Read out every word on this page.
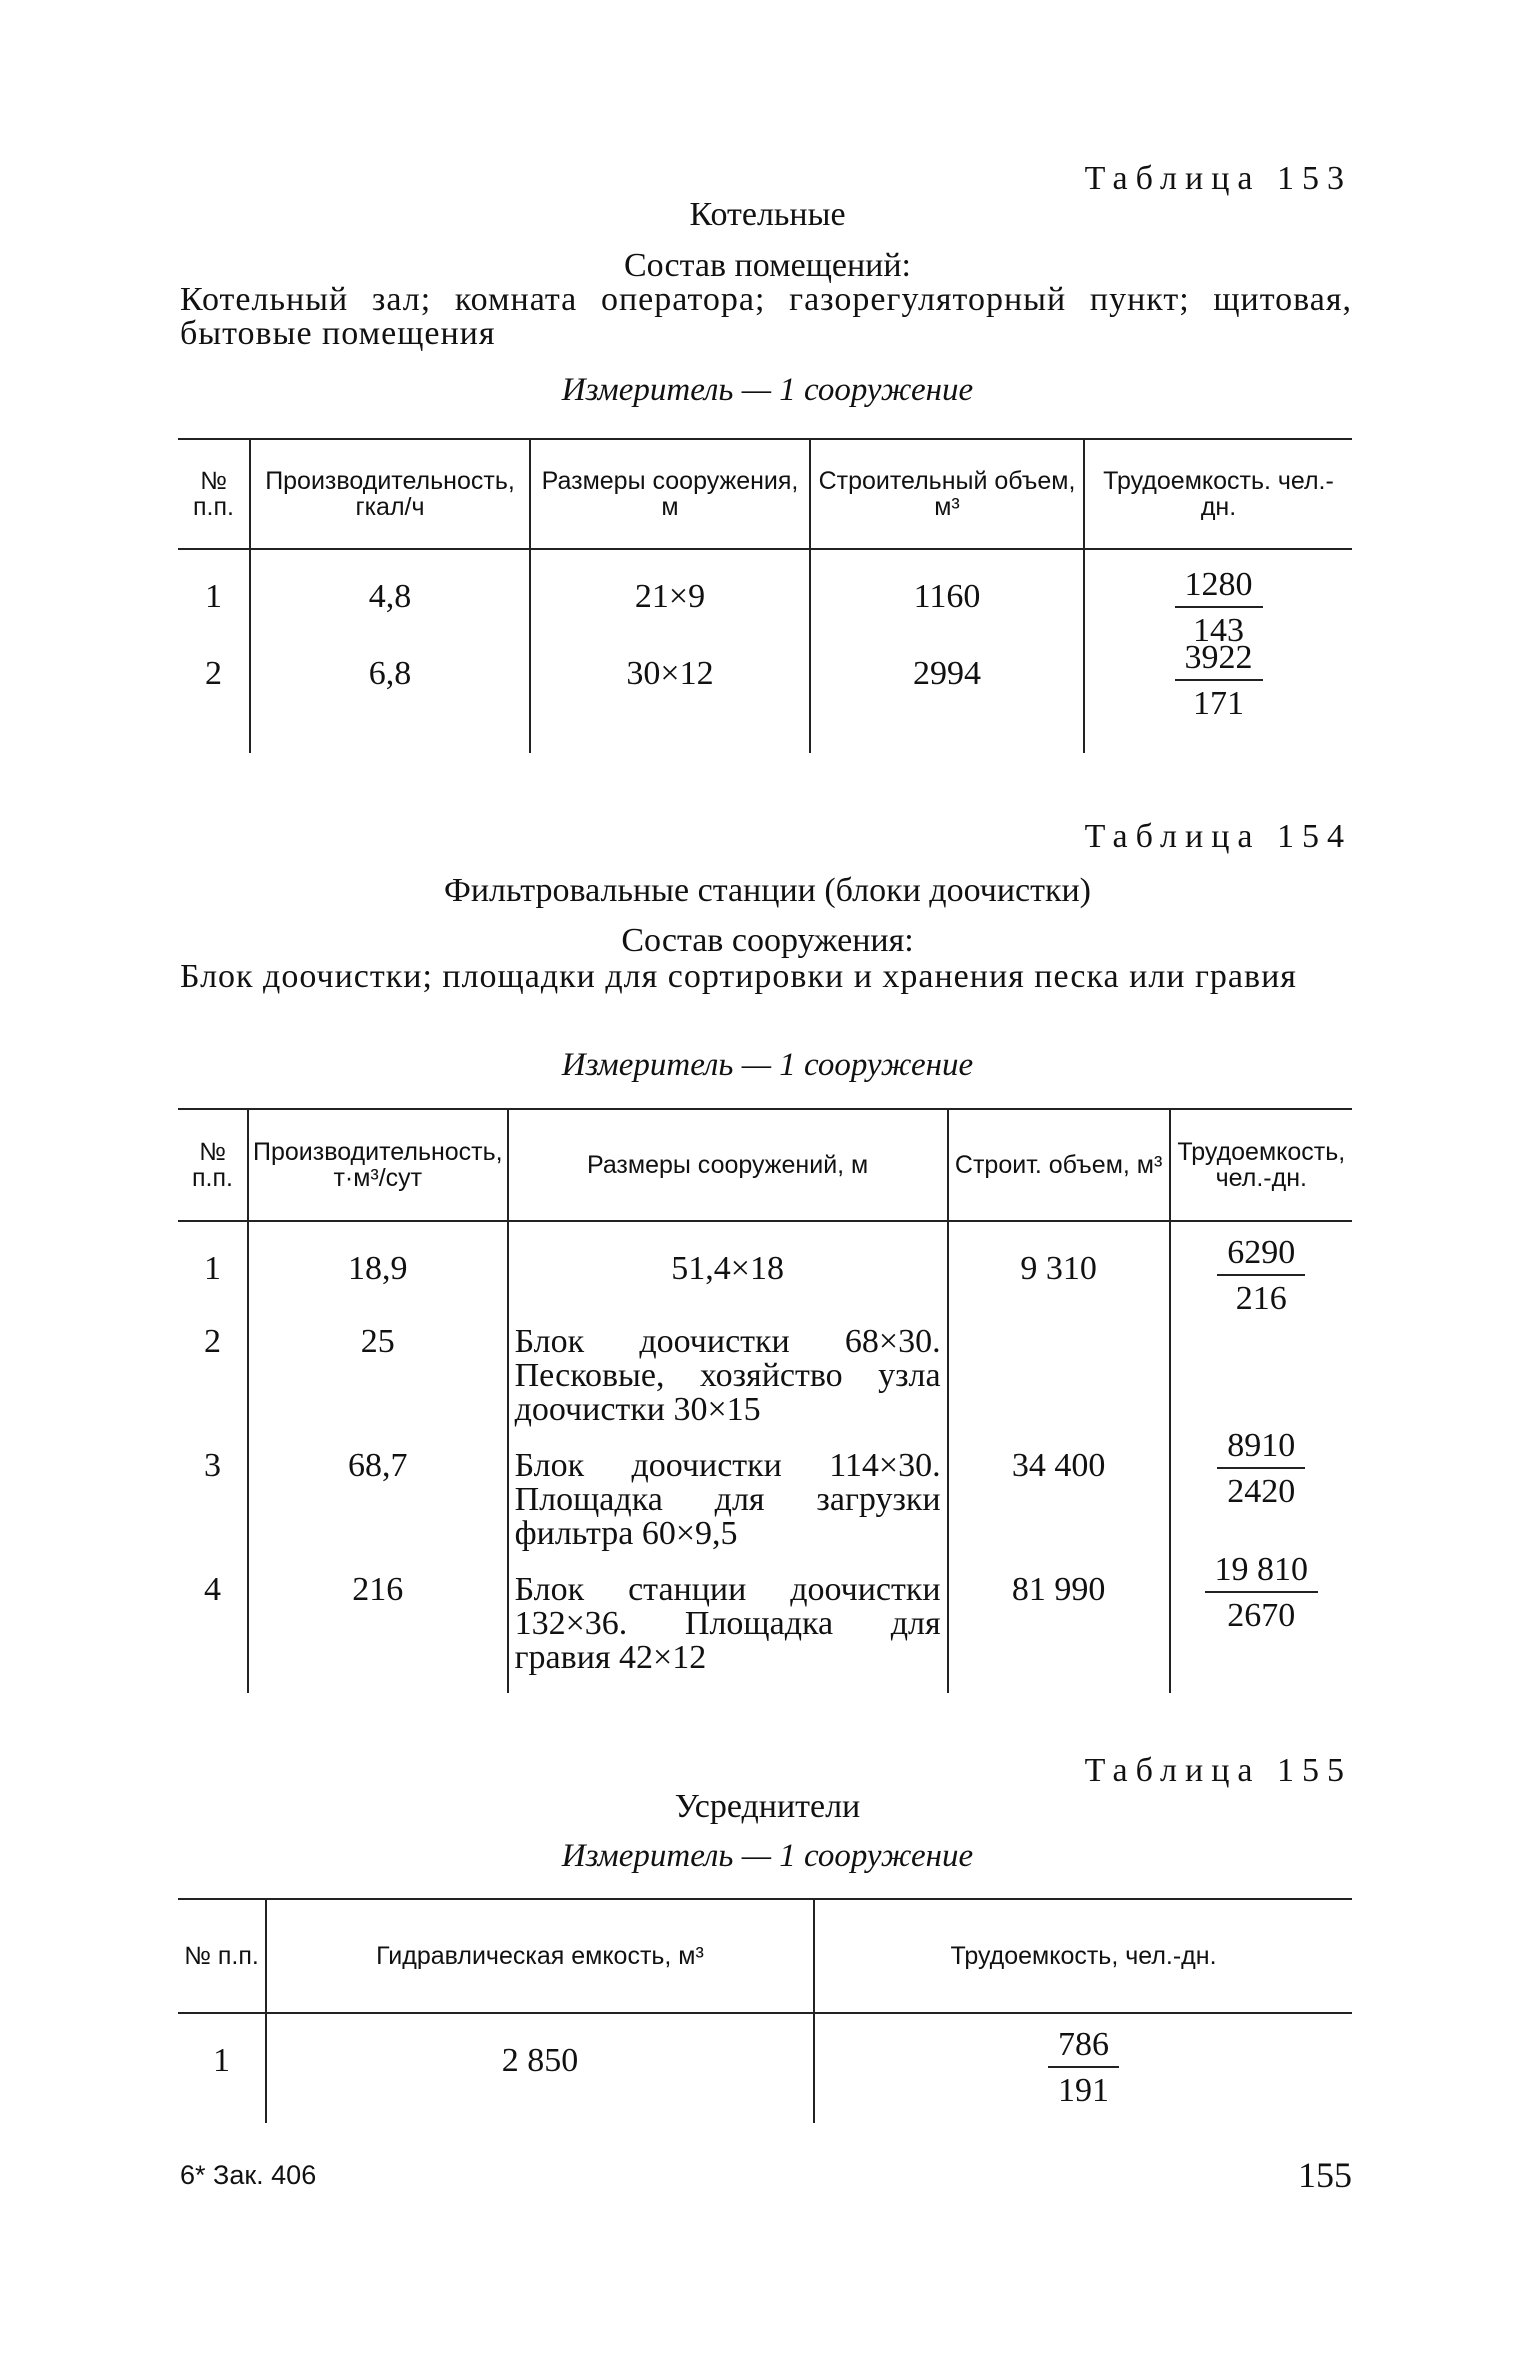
Таблица 153
Котельные
Состав помещений:
Котельный зал; комната оператора; газорегуляторный пункт; щитовая, бытовые помещения
Измеритель — 1 сооружение
№ п.п.	Производительность, гкал/ч	Размеры сооружения, м	Строительный объем, м³	Трудоемкость. чел.-дн.
1	4,8	21×9	1160	$\frac{1280}{143}$

2	6,8	30×12	2994	$\frac{3922}{171}$
Таблица 154
Фильтровальные станции (блоки доочистки)
Состав сооружения:
Блок доочистки; площадки для сортировки и хранения песка или гравия
Измеритель — 1 сооружение
№ п.п.	Производительность, т·м³/сут	Размеры сооружений, м	Строит. объем, м³	Трудоемкость, чел.-дн.
1	18,9	51,4×18	9 310	$\frac{6290}{216}$

2	25	Блок доочистки 68×30. Песковые, хозяйство узла доочистки 30×15		
3	68,7	Блок доочистки 114×30. Площадка для загрузки фильтра 60×9,5	34 400	$\frac{8910}{2420}$

4	216	Блок станции доочистки 132×36. Площадка для гравия 42×12	81 990	$\frac{19 810}{2670}$
Таблица 155
Усреднители
Измеритель — 1 сооружение
№ п.п.	Гидравлическая емкость, м³	Трудоемкость, чел.-дн.
1	2 850	$\frac{786}{191}$
6* Зак. 406	155
